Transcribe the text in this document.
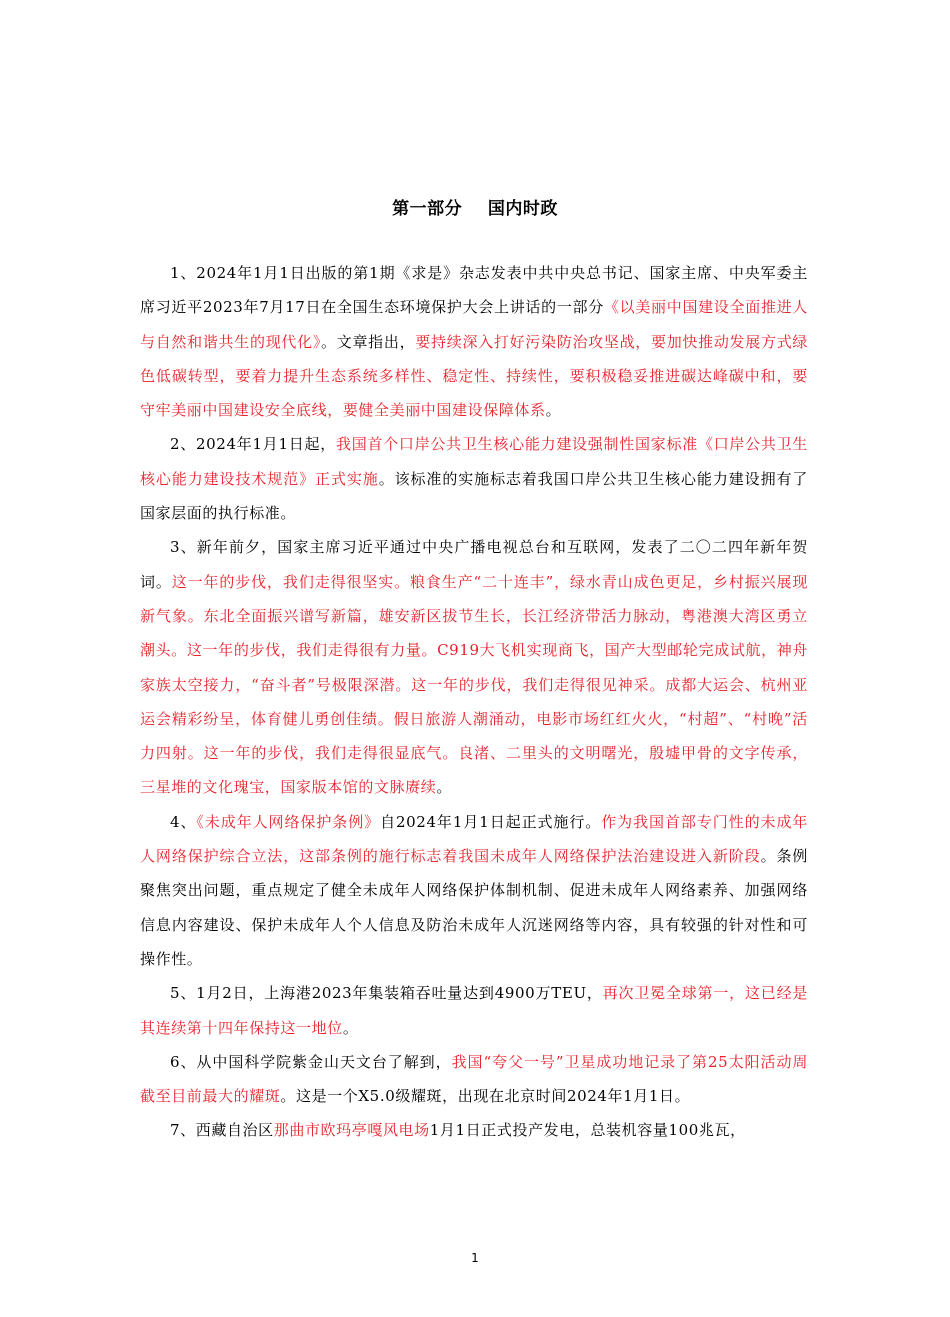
第一部分    国内时政

1、2024年1月1日出版的第1期《求是》杂志发表中共中央总书记、国家主席、中央军委主席习近平2023年7月17日在全国生态环境保护大会上讲话的一部分《以美丽中国建设全面推进人与自然和谐共生的现代化》。文章指出，要持续深入打好污染防治攻坚战，要加快推动发展方式绿色低碳转型，要着力提升生态系统多样性、稳定性、持续性，要积极稳妥推进碳达峰碳中和，要守牢美丽中国建设安全底线，要健全美丽中国建设保障体系。

2、2024年1月1日起，我国首个口岸公共卫生核心能力建设强制性国家标准《口岸公共卫生核心能力建设技术规范》正式实施。该标准的实施标志着我国口岸公共卫生核心能力建设拥有了国家层面的执行标准。

3、新年前夕，国家主席习近平通过中央广播电视总台和互联网，发表了二〇二四年新年贺词。这一年的步伐，我们走得很坚实。粮食生产“二十连丰”，绿水青山成色更足，乡村振兴展现新气象。东北全面振兴谱写新篇，雄安新区拔节生长，长江经济带活力脉动，粤港澳大湾区勇立潮头。这一年的步伐，我们走得很有力量。C919大飞机实现商飞，国产大型邮轮完成试航，神舟家族太空接力，“奋斗者”号极限深潜。这一年的步伐，我们走得很见神采。成都大运会、杭州亚运会精彩纷呈，体育健儿勇创佳绩。假日旅游人潮涌动，电影市场红红火火，“村超”、“村晚”活力四射。这一年的步伐，我们走得很显底气。良渚、二里头的文明曙光，殷墟甲骨的文字传承，三星堆的文化瑰宝，国家版本馆的文脉赓续。

4、《未成年人网络保护条例》自2024年1月1日起正式施行。作为我国首部专门性的未成年人网络保护综合立法，这部条例的施行标志着我国未成年人网络保护法治建设进入新阶段。条例聚焦突出问题，重点规定了健全未成年人网络保护体制机制、促进未成年人网络素养、加强网络信息内容建设、保护未成年人个人信息及防治未成年人沉迷网络等内容，具有较强的针对性和可操作性。

5、1月2日，上海港2023年集装箱吞吐量达到4900万TEU，再次卫冕全球第一，这已经是其连续第十四年保持这一地位。

6、从中国科学院紫金山天文台了解到，我国“夸父一号”卫星成功地记录了第25太阳活动周截至目前最大的耀斑。这是一个X5.0级耀斑，出现在北京时间2024年1月1日。

7、西藏自治区那曲市欧玛亭嘎风电场1月1日正式投产发电，总装机容量100兆瓦，

1
